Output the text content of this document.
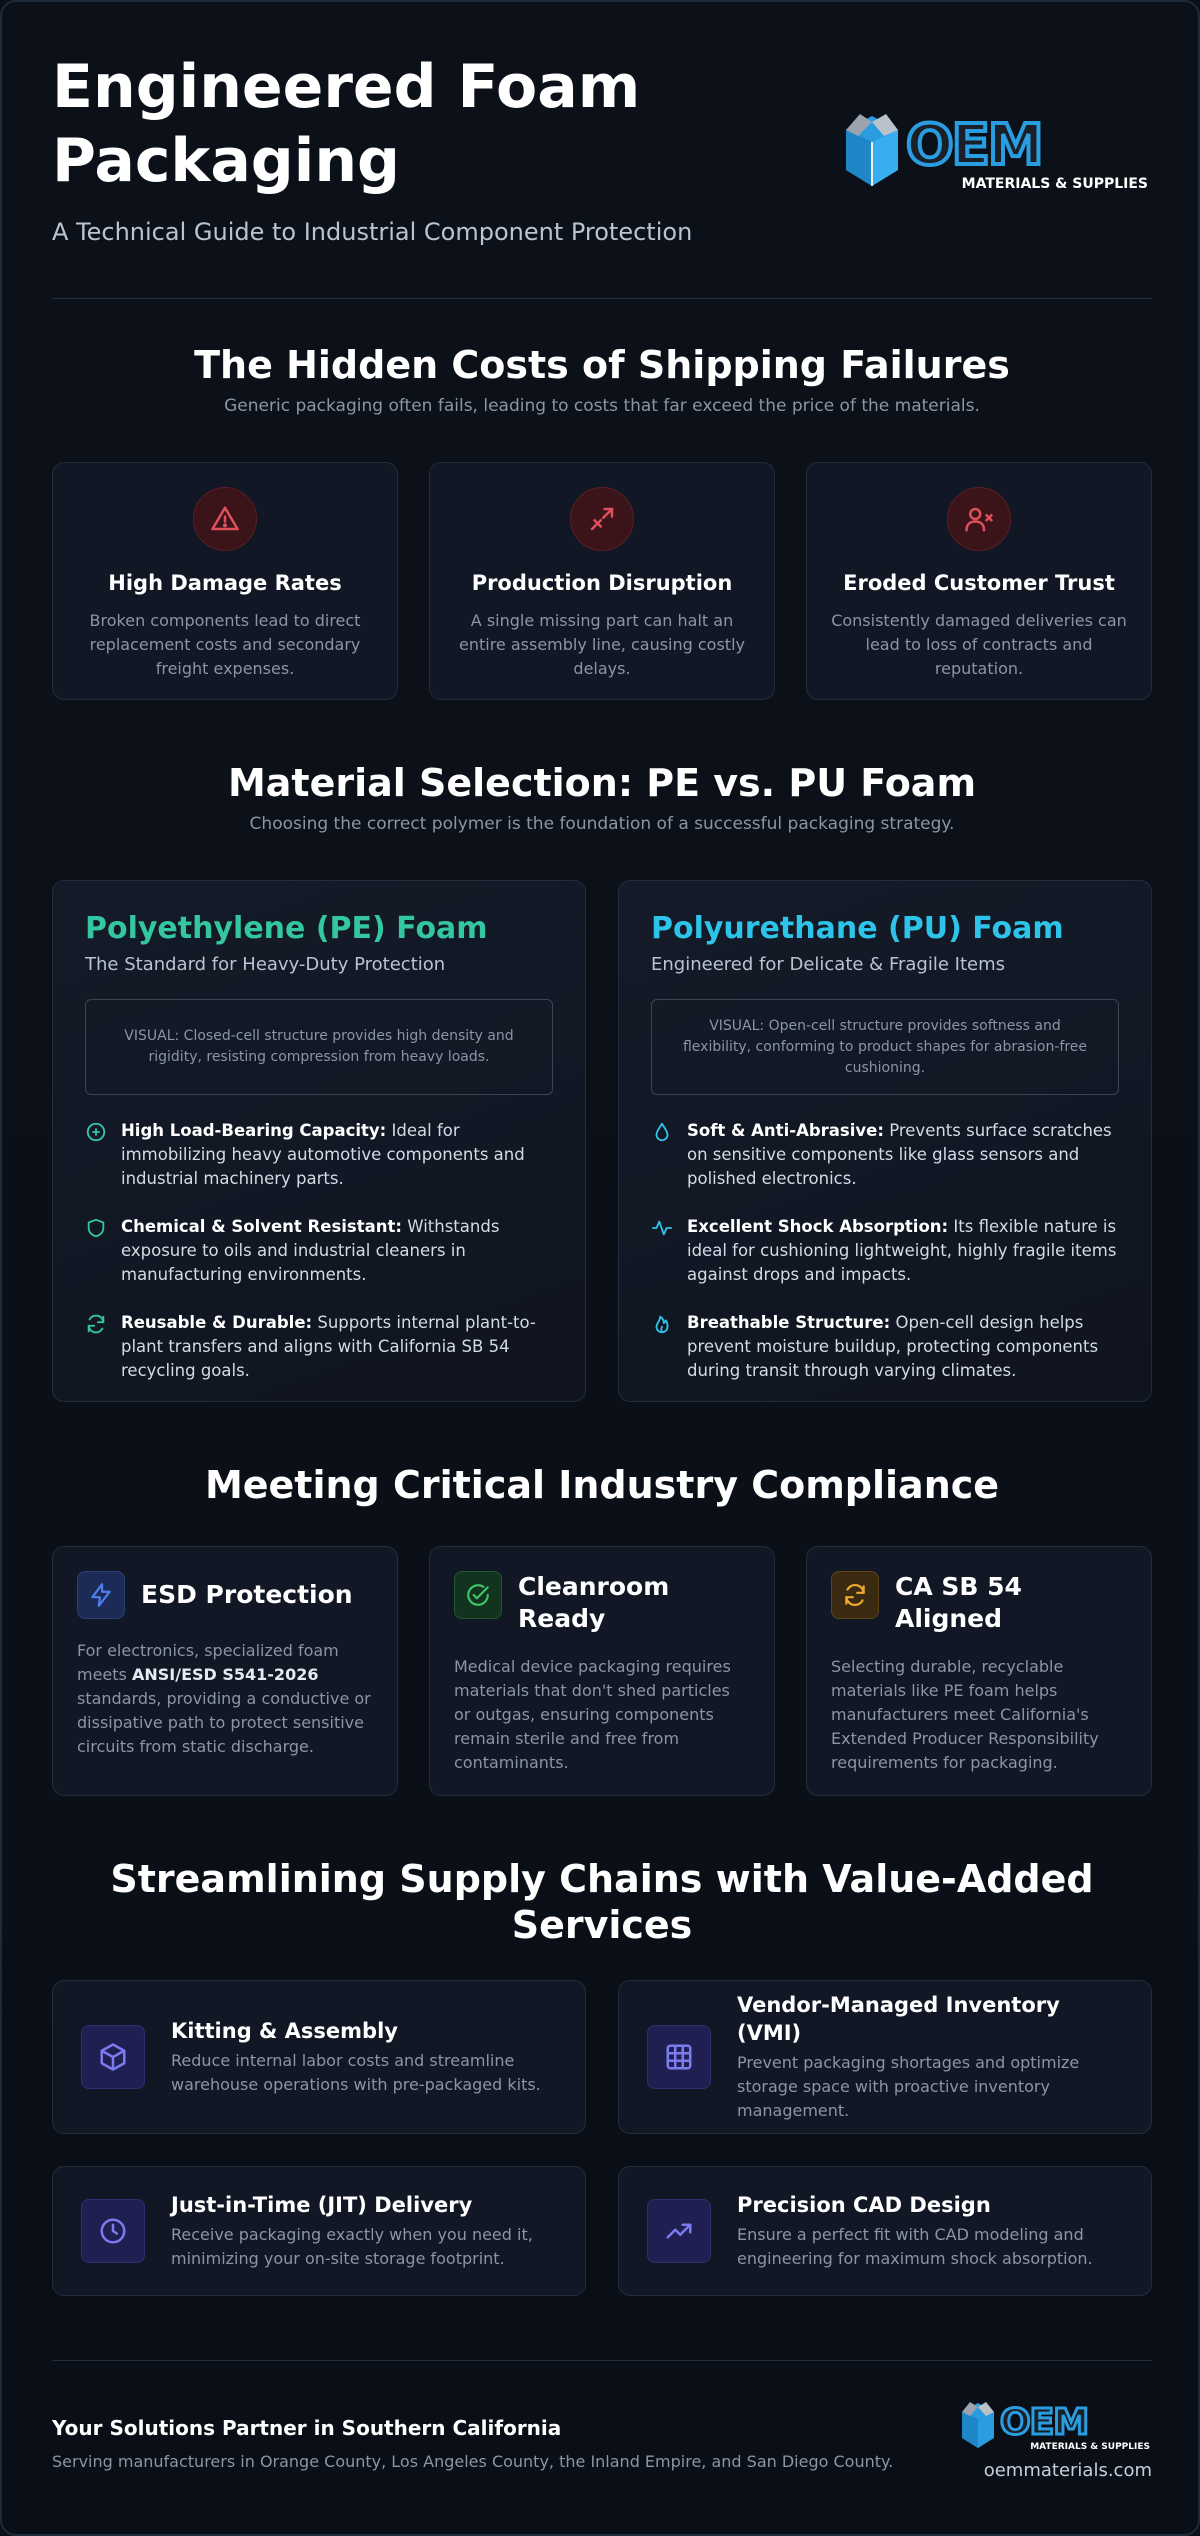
Engineered Foam Packaging
A Technical Guide to Industrial Component Protection
OEM
MATERIALS & SUPPLIES
The Hidden Costs of Shipping Failures
Generic packaging often fails, leading to costs that far exceed the price of the materials.
High Damage Rates

Broken components lead to direct replacement costs and secondary freight expenses.

Production Disruption

A single missing part can halt an entire assembly line, causing costly delays.

Eroded Customer Trust

Consistently damaged deliveries can lead to loss of contracts and reputation.

Material Selection: PE vs. PU Foam
Choosing the correct polymer is the foundation of a successful packaging strategy.
Polyethylene (PE) Foam
The Standard for Heavy-Duty Protection
VISUAL: Closed-cell structure provides high density and rigidity, resisting compression from heavy loads.
High Load-Bearing Capacity: Ideal for immobilizing heavy automotive components and industrial machinery parts.
Chemical & Solvent Resistant: Withstands exposure to oils and industrial cleaners in manufacturing environments.
Reusable & Durable: Supports internal plant-to-plant transfers and aligns with California SB 54 recycling goals.
Polyurethane (PU) Foam
Engineered for Delicate & Fragile Items
VISUAL: Open-cell structure provides softness and flexibility, conforming to product shapes for abrasion-free cushioning.
Soft & Anti-Abrasive: Prevents surface scratches on sensitive components like glass sensors and polished electronics.
Excellent Shock Absorption: Its flexible nature is ideal for cushioning lightweight, highly fragile items against drops and impacts.
Breathable Structure: Open-cell design helps prevent moisture buildup, protecting components during transit through varying climates.
Meeting Critical Industry Compliance
ESD Protection

For electronics, specialized foam meets ANSI/ESD S541-2026 standards, providing a conductive or dissipative path to protect sensitive circuits from static discharge.

Cleanroom Ready

Medical device packaging requires materials that don't shed particles or outgas, ensuring components remain sterile and free from contaminants.

CA SB 54 Aligned

Selecting durable, recyclable materials like PE foam helps manufacturers meet California's Extended Producer Responsibility requirements for packaging.

Streamlining Supply Chains with Value-Added Services
Kitting & Assembly

Reduce internal labor costs and streamline warehouse operations with pre-packaged kits.

Vendor-Managed Inventory (VMI)

Prevent packaging shortages and optimize storage space with proactive inventory management.

Just-in-Time (JIT) Delivery

Receive packaging exactly when you need it, minimizing your on-site storage footprint.

Precision CAD Design

Ensure a perfect fit with CAD modeling and engineering for maximum shock absorption.

Your Solutions Partner in Southern California
Serving manufacturers in Orange County, Los Angeles County, the Inland Empire, and San Diego County.
OEM
MATERIALS & SUPPLIES
oemmaterials.com
